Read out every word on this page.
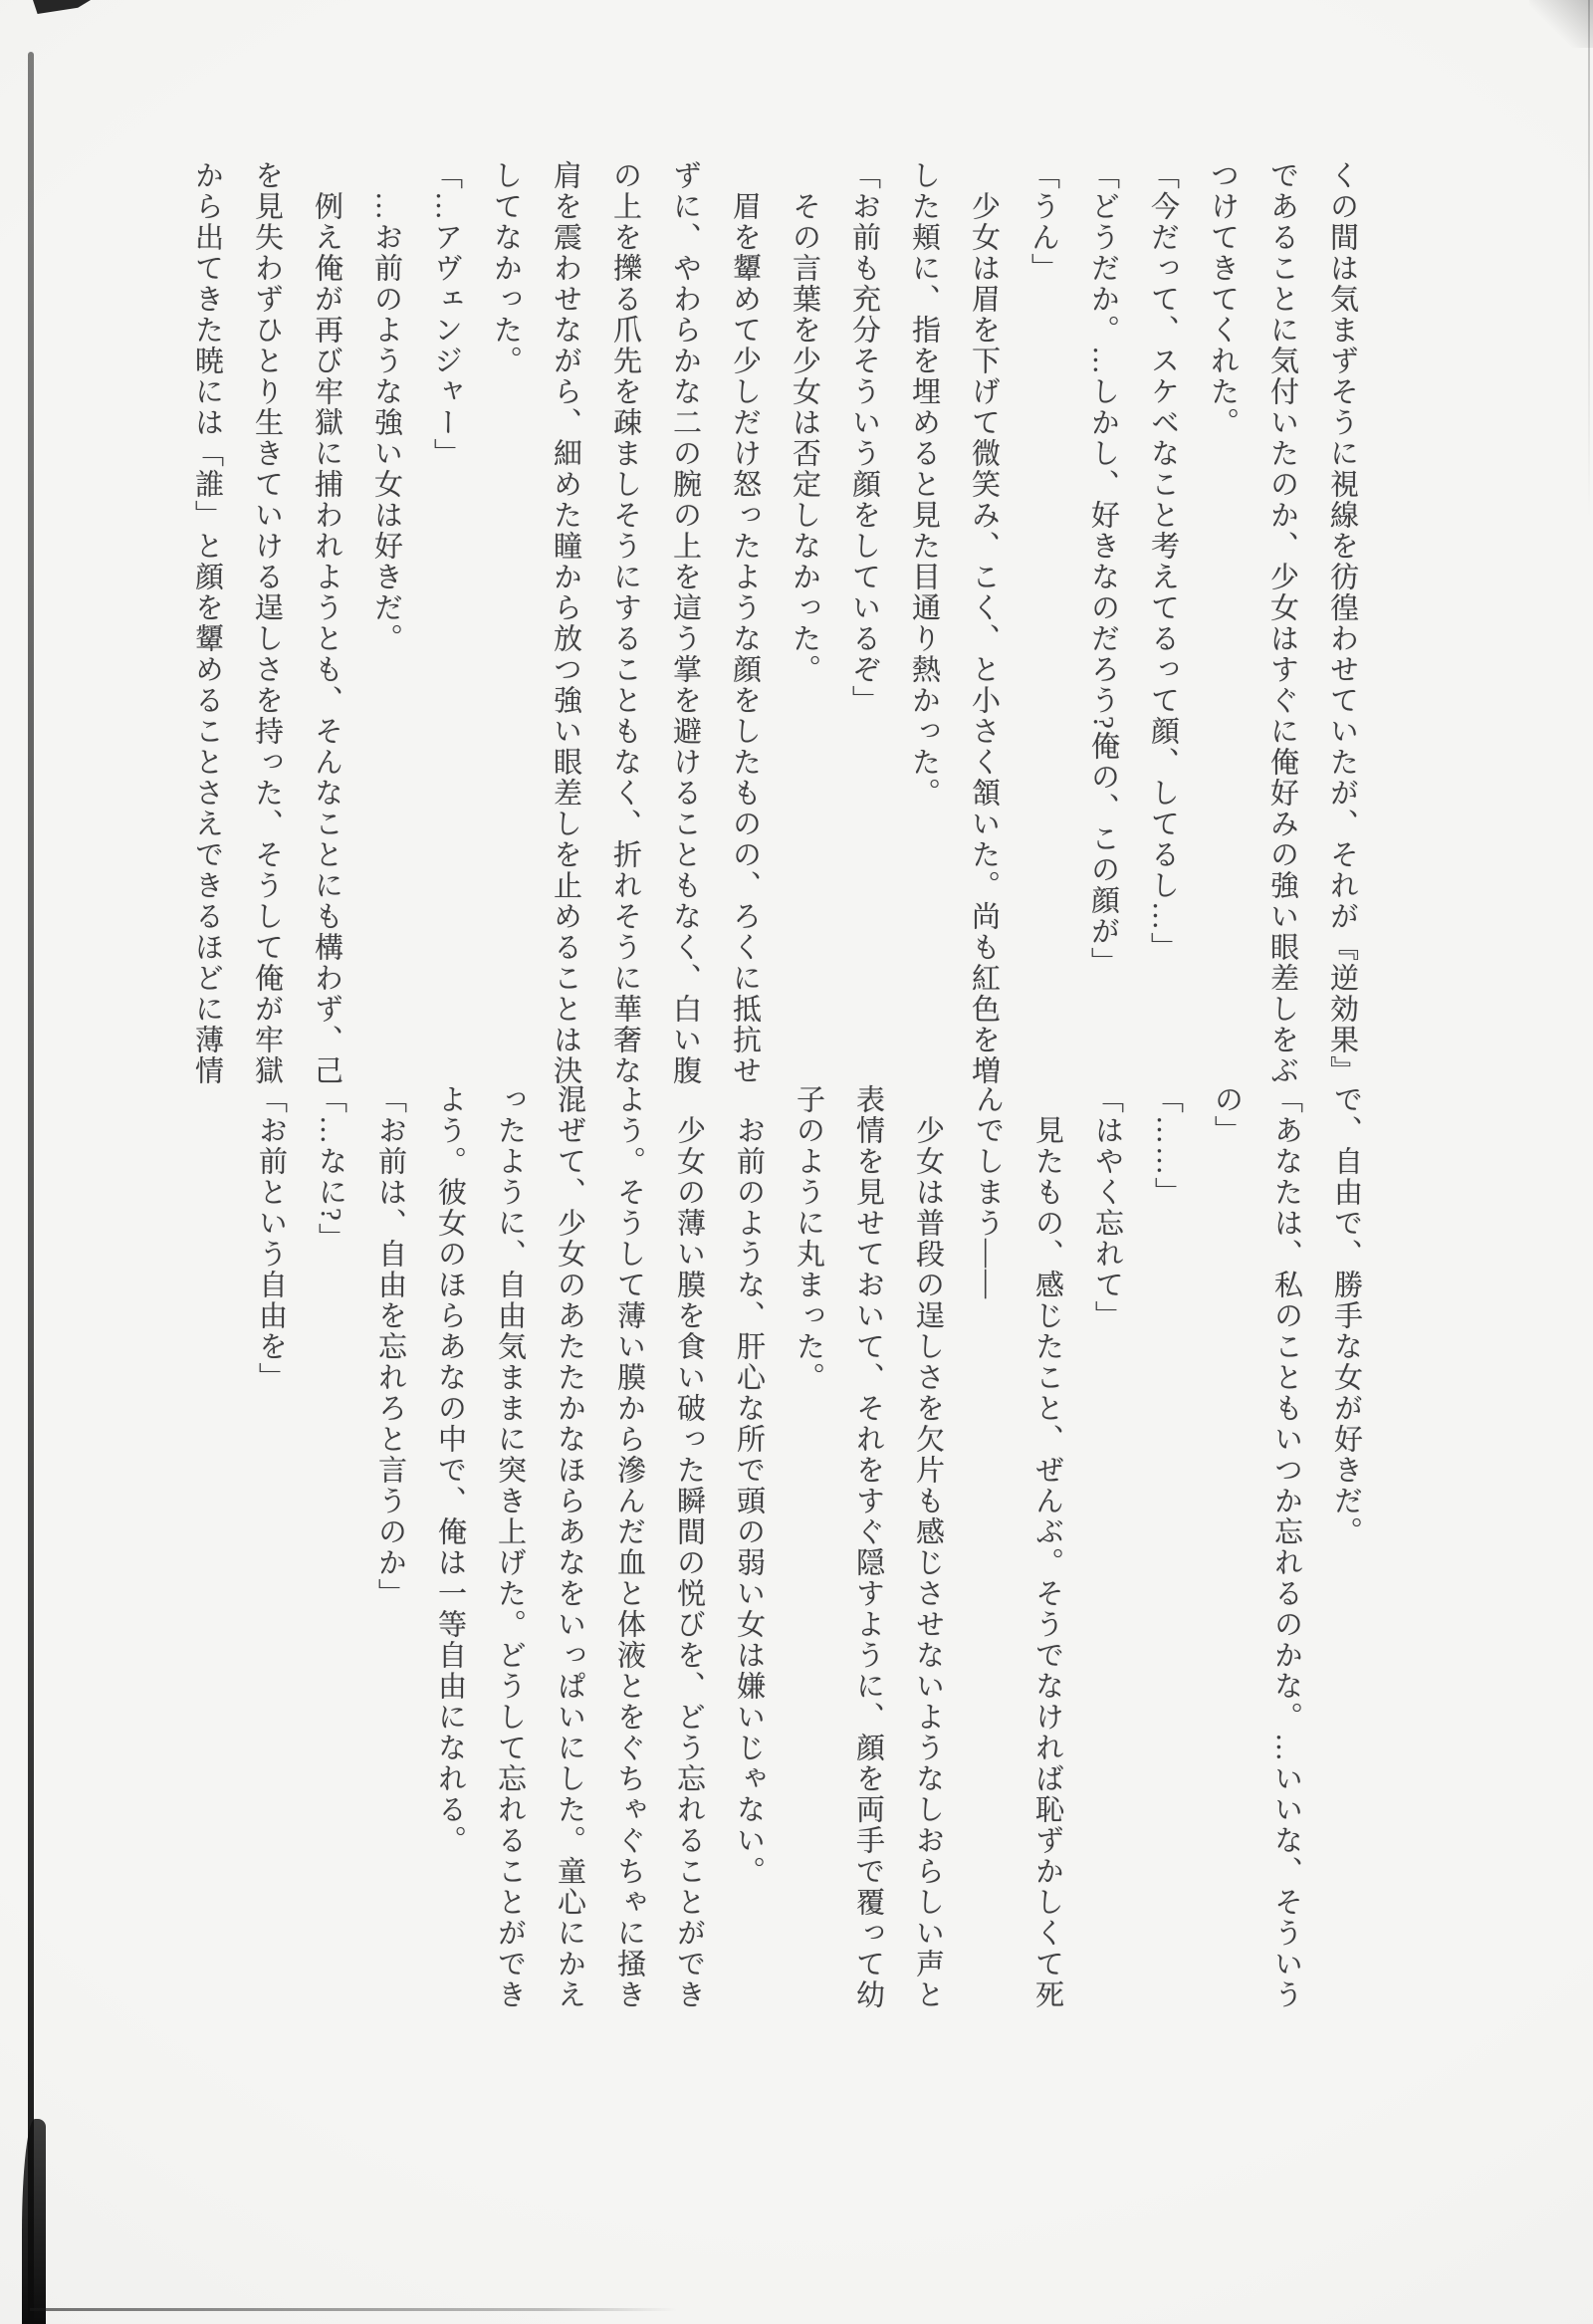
くの間は気まずそうに視線を彷徨わせていたが、それが『逆効果』

であることに気付いたのか、少女はすぐに俺好みの強い眼差しをぶ

つけてきてくれた。

「今だって、スケベなこと考えてるって顔、してるし…」

「どうだか。…しかし、好きなのだろう?俺の、この顔が」

「うん」

　少女は眉を下げて微笑み、こく、と小さく頷いた。尚も紅色を増

した頬に、指を埋めると見た目通り熱かった。

「お前も充分そういう顔をしているぞ」

　その言葉を少女は否定しなかった。

　眉を顰めて少しだけ怒ったような顔をしたものの、ろくに抵抗せ

ずに、やわらかな二の腕の上を這う掌を避けることもなく、白い腹

の上を擽る爪先を疎ましそうにすることもなく、折れそうに華奢な

肩を震わせながら、細めた瞳から放つ強い眼差しを止めることは決

してなかった。

「…アヴェンジャー」

　…お前のような強い女は好きだ。

　例え俺が再び牢獄に捕われようとも、そんなことにも構わず、己

を見失わずひとり生きていける逞しさを持った、そうして俺が牢獄

から出てきた暁には「誰」と顔を顰めることさえできるほどに薄情

で、自由で、勝手な女が好きだ。

「あなたは、私のこともいつか忘れるのかな。…いいな、そういう

の」

「……」

「はやく忘れて」

　見たもの、感じたこと、ぜんぶ。そうでなければ恥ずかしくて死

んでしまう――

　少女は普段の逞しさを欠片も感じさせないようなしおらしい声と

表情を見せておいて、それをすぐ隠すように、顔を両手で覆って幼

子のように丸まった。

　お前のような、肝心な所で頭の弱い女は嫌いじゃない。

　少女の薄い膜を食い破った瞬間の悦びを、どう忘れることができ

よう。そうして薄い膜から滲んだ血と体液とをぐちゃぐちゃに掻き

混ぜて、少女のあたたかなほらあなをいっぱいにした。童心にかえ

ったように、自由気ままに突き上げた。どうして忘れることができ

よう。彼女のほらあなの中で、俺は一等自由になれる。

「お前は、自由を忘れろと言うのか」

「…なに?」

「お前という自由を」
